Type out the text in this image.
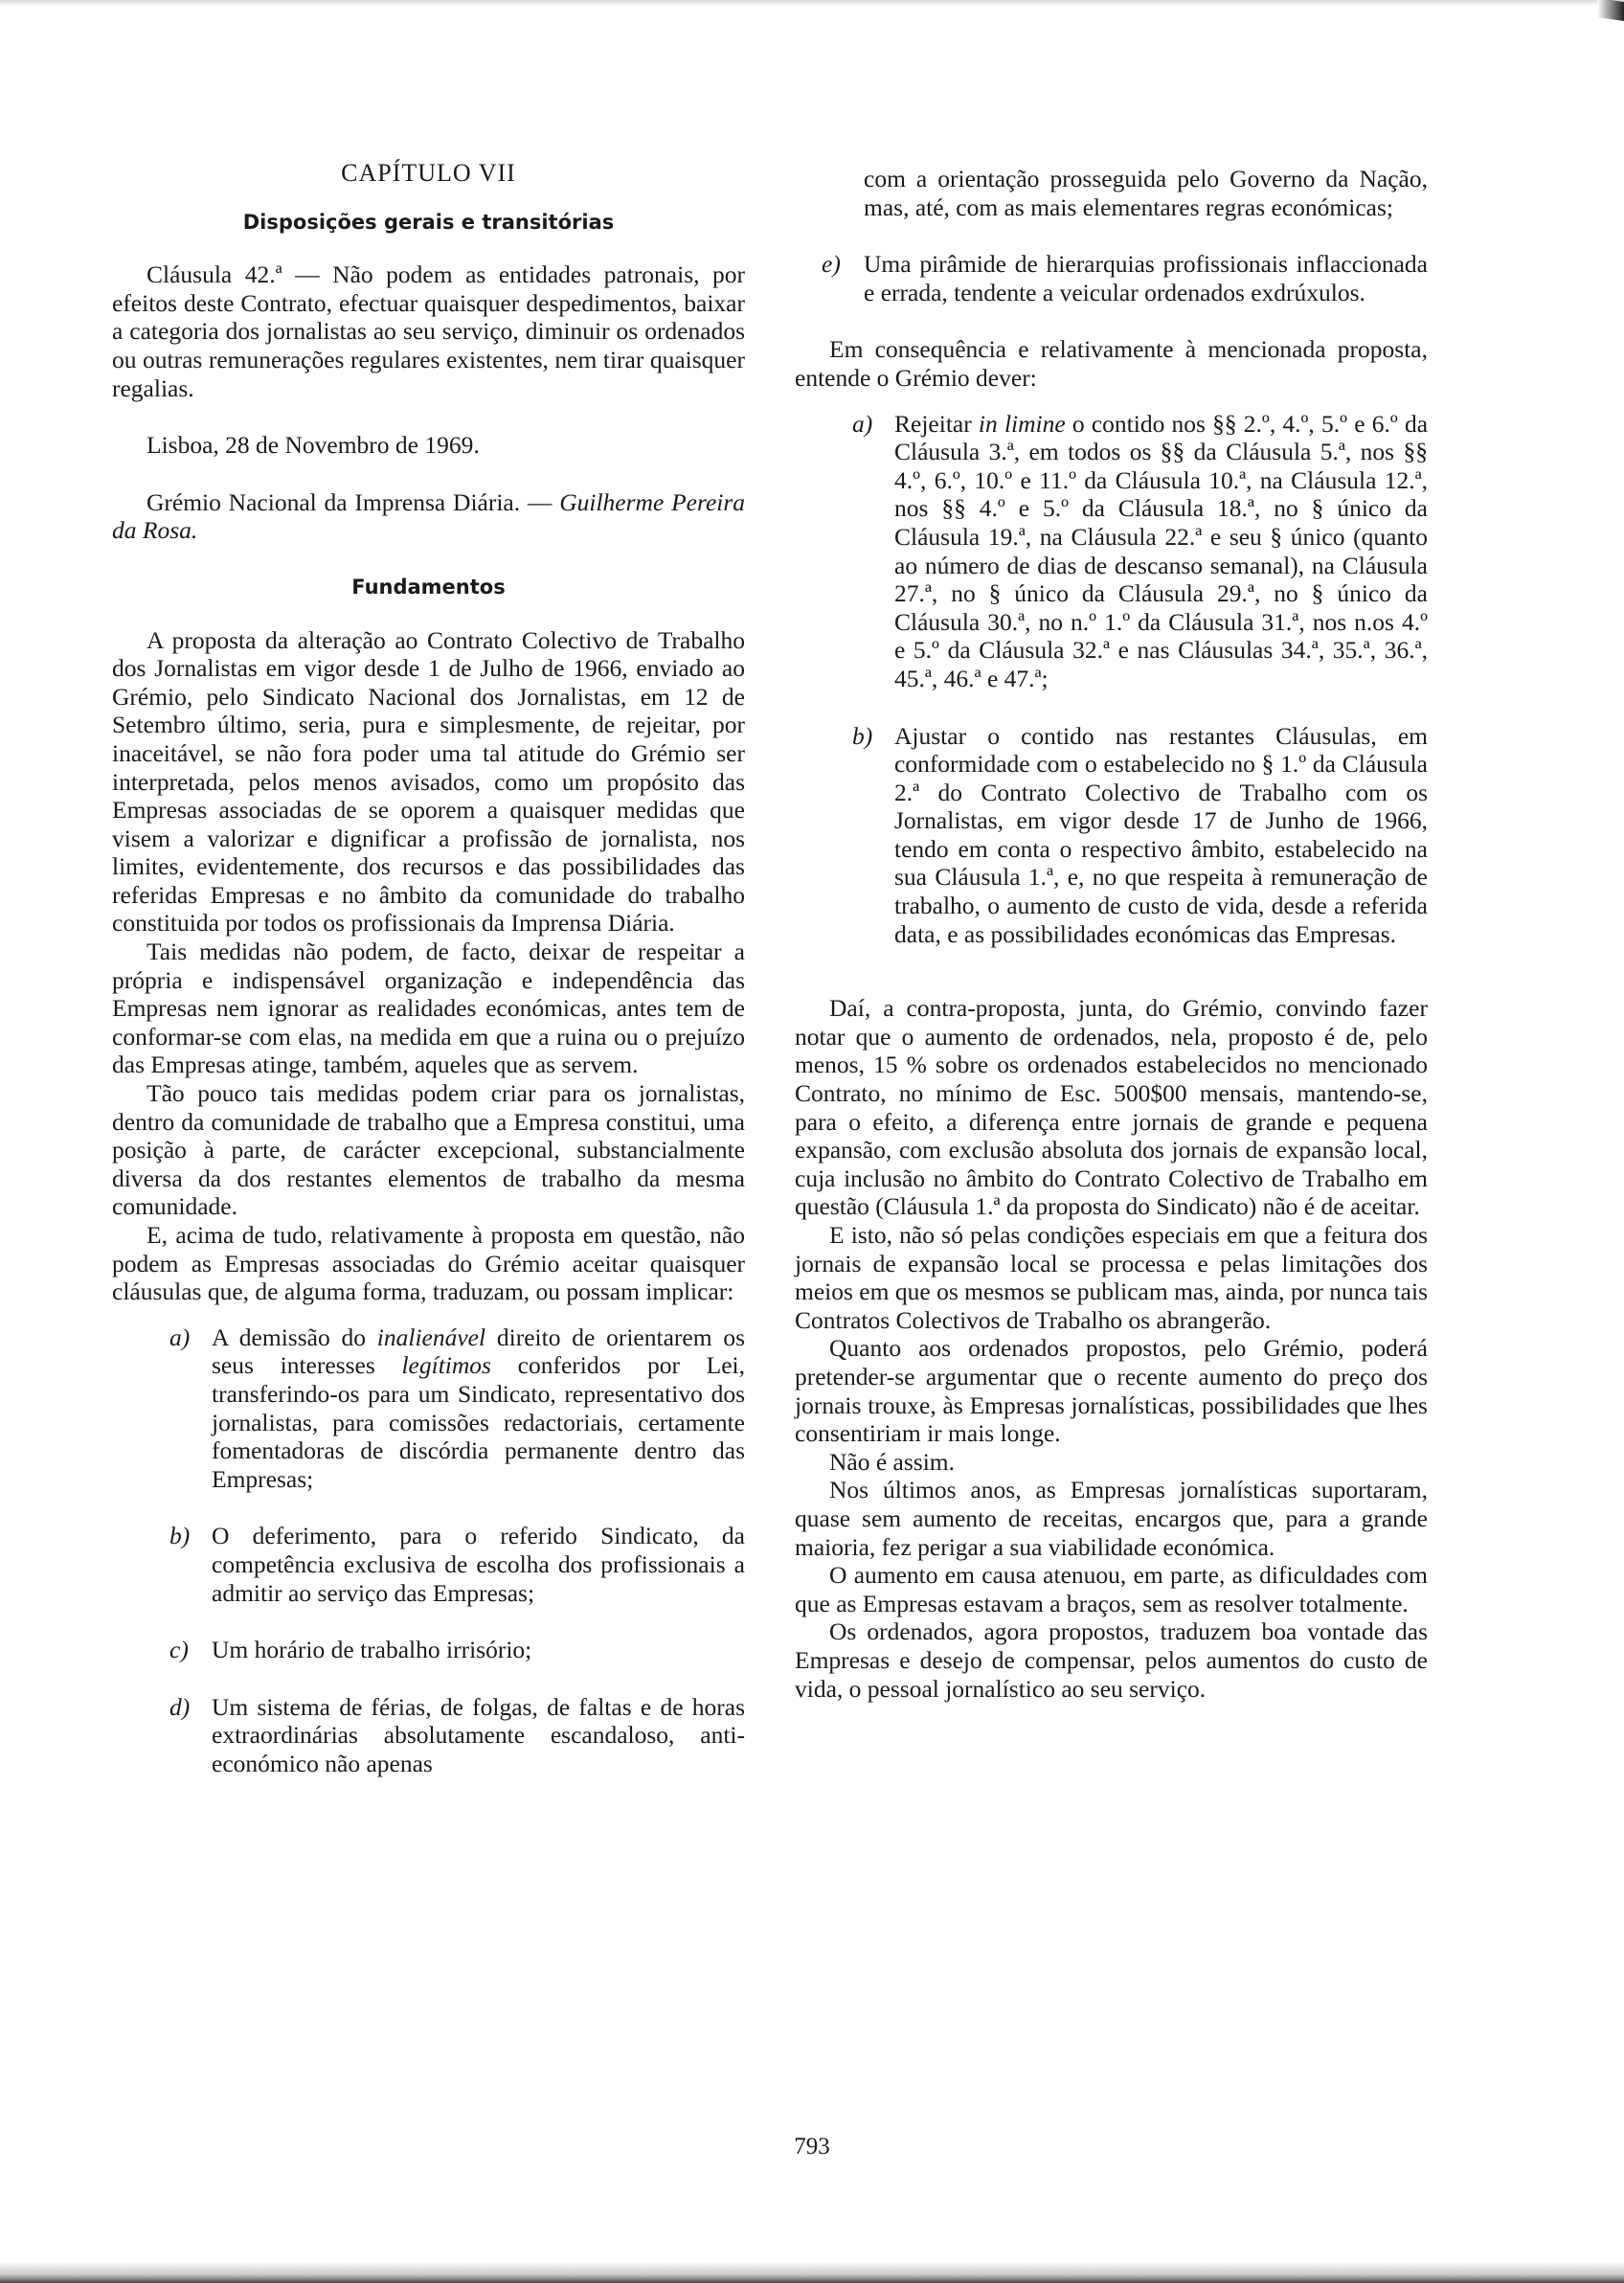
CAPÍTULO VII

Disposições gerais e transitórias

Cláusula 42.ª — Não podem as entidades patronais, por efeitos deste Contrato, efectuar quaisquer despedimentos, baixar a categoria dos jornalistas ao seu serviço, diminuir os ordenados ou outras remunerações regulares existentes, nem tirar quaisquer regalias.

Lisboa, 28 de Novembro de 1969.

Grémio Nacional da Imprensa Diária. — Guilherme Pereira da Rosa.

Fundamentos

A proposta da alteração ao Contrato Colectivo de Trabalho dos Jornalistas em vigor desde 1 de Julho de 1966, enviado ao Grémio, pelo Sindicato Nacional dos Jornalistas, em 12 de Setembro último, seria, pura e simplesmente, de rejeitar, por inaceitável, se não fora poder uma tal atitude do Grémio ser interpretada, pelos menos avisados, como um propósito das Empresas associadas de se oporem a quaisquer medidas que visem a valorizar e dignificar a profissão de jornalista, nos limites, evidentemente, dos recursos e das possibilidades das referidas Empresas e no âmbito da comunidade do trabalho constituida por todos os profissionais da Imprensa Diária.

Tais medidas não podem, de facto, deixar de respeitar a própria e indispensável organização e independência das Empresas nem ignorar as realidades económicas, antes tem de conformar-se com elas, na medida em que a ruina ou o prejuízo das Empresas atinge, também, aqueles que as servem.

Tão pouco tais medidas podem criar para os jornalistas, dentro da comunidade de trabalho que a Empresa constitui, uma posição à parte, de carácter excepcional, substancialmente diversa da dos restantes elementos de trabalho da mesma comunidade.

E, acima de tudo, relativamente à proposta em questão, não podem as Empresas associadas do Grémio aceitar quaisquer cláusulas que, de alguma forma, traduzam, ou possam implicar:

a) A demissão do inalienável direito de orientarem os seus interesses legítimos conferidos por Lei, transferindo-os para um Sindicato, representativo dos jornalistas, para comissões redactoriais, certamente fomentadoras de discórdia permanente dentro das Empresas;
b) O deferimento, para o referido Sindicato, da competência exclusiva de escolha dos profissionais a admitir ao serviço das Empresas;
c) Um horário de trabalho irrisório;
d) Um sistema de férias, de folgas, de faltas e de horas extraordinárias absolutamente escandaloso, anti-económico não apenas
com a orientação prosseguida pelo Governo da Nação, mas, até, com as mais elementares regras económicas;
e) Uma pirâmide de hierarquias profissionais inflaccionada e errada, tendente a veicular ordenados exdrúxulos.

Em consequência e relativamente à mencionada proposta, entende o Grémio dever:

a) Rejeitar in limine o contido nos §§ 2.º, 4.º, 5.º e 6.º da Cláusula 3.ª, em todos os §§ da Cláusula 5.ª, nos §§ 4.º, 6.º, 10.º e 11.º da Cláusula 10.ª, na Cláusula 12.ª, nos §§ 4.º e 5.º da Cláusula 18.ª, no § único da Cláusula 19.ª, na Cláusula 22.ª e seu § único (quanto ao número de dias de descanso semanal), na Cláusula 27.ª, no § único da Cláusula 29.ª, no § único da Cláusula 30.ª, no n.º 1.º da Cláusula 31.ª, nos n.os 4.º e 5.º da Cláusula 32.ª e nas Cláusulas 34.ª, 35.ª, 36.ª, 45.ª, 46.ª e 47.ª;
b) Ajustar o contido nas restantes Cláusulas, em conformidade com o estabelecido no § 1.º da Cláusula 2.ª do Contrato Colectivo de Trabalho com os Jornalistas, em vigor desde 17 de Junho de 1966, tendo em conta o respectivo âmbito, estabelecido na sua Cláusula 1.ª, e, no que respeita à remuneração de trabalho, o aumento de custo de vida, desde a referida data, e as possibilidades económicas das Empresas.

Daí, a contra-proposta, junta, do Grémio, convindo fazer notar que o aumento de ordenados, nela, proposto é de, pelo menos, 15 % sobre os ordenados estabelecidos no mencionado Contrato, no mínimo de Esc. 500$00 mensais, mantendo-se, para o efeito, a diferença entre jornais de grande e pequena expansão, com exclusão absoluta dos jornais de expansão local, cuja inclusão no âmbito do Contrato Colectivo de Trabalho em questão (Cláusula 1.ª da proposta do Sindicato) não é de aceitar.

E isto, não só pelas condições especiais em que a feitura dos jornais de expansão local se processa e pelas limitações dos meios em que os mesmos se publicam mas, ainda, por nunca tais Contratos Colectivos de Trabalho os abrangerão.

Quanto aos ordenados propostos, pelo Grémio, poderá pretender-se argumentar que o recente aumento do preço dos jornais trouxe, às Empresas jornalísticas, possibilidades que lhes consentiriam ir mais longe.

Não é assim.

Nos últimos anos, as Empresas jornalísticas suportaram, quase sem aumento de receitas, encargos que, para a grande maioria, fez perigar a sua viabilidade económica.

O aumento em causa atenuou, em parte, as dificuldades com que as Empresas estavam a braços, sem as resolver totalmente.

Os ordenados, agora propostos, traduzem boa vontade das Empresas e desejo de compensar, pelos aumentos do custo de vida, o pessoal jornalístico ao seu serviço.

793
